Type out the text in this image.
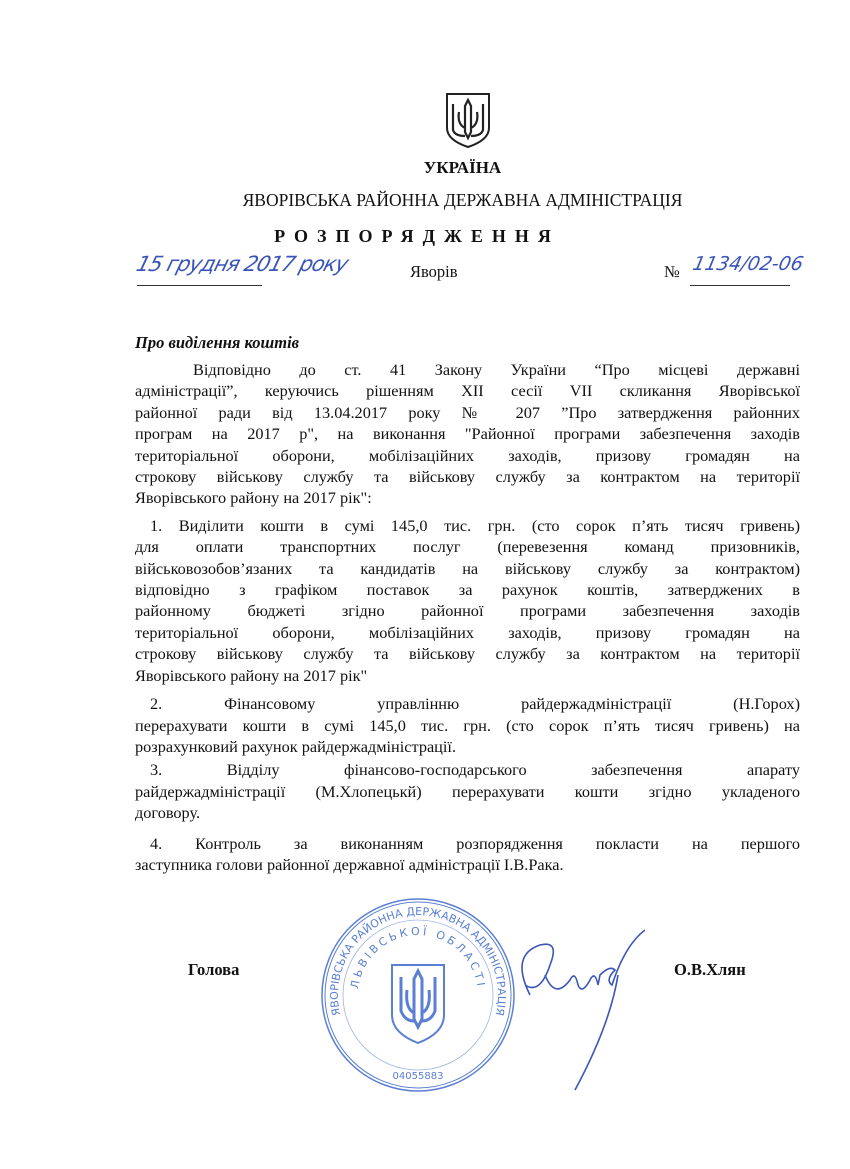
УКРАЇНА
ЯВОРІВСЬКА РАЙОННА ДЕРЖАВНА АДМІНІСТРАЦІЯ
РОЗПОРЯДЖЕННЯ
15 грудня 2017 року	Яворів	№ 1134/02-06
Про виділення коштів
Відповідно до ст. 41 Закону України “Про місцеві державні
адміністрації”, керуючись рішенням XII сесії VII скликання Яворівської
районної ради від 13.04.2017 року № 207 ”Про затвердження районних
програм на 2017 р", на виконання "Районної програми забезпечення заходів
територіальної оборони, мобілізаційних заходів, призову громадян на
строкову військову службу та військову службу за контрактом на території
Яворівського району на 2017 рік":
1. Виділити кошти в сумі 145,0 тис. грн. (сто сорок п’ять тисяч гривень)
для оплати транспортних послуг (перевезення команд призовників,
військовозобов’язаних та кандидатів на військову службу за контрактом)
відповідно з графіком поставок за рахунок коштів, затверджених в
районному бюджеті згідно районної програми забезпечення заходів
територіальної оборони, мобілізаційних заходів, призову громадян на
строкову військову службу та військову службу за контрактом на території
Яворівського району на 2017 рік"
2. Фінансовому управлінню райдержадміністрації (Н.Горох)
перерахувати кошти в сумі 145,0 тис. грн. (сто сорок п’ять тисяч гривень) на
розрахунковий рахунок райдержадміністрації.
3. Відділу фінансово-господарського забезпечення апарату
райдержадміністрації (М.Хлопецькй) перерахувати кошти згідно укладеного
договору.
4. Контроль за виконанням розпорядження покласти на першого
заступника голови районної державної адміністрації І.В.Рака.
Голова	О.В.Хлян
ЯВОРІВСЬКА РАЙОННА ДЕРЖАВНА АДМІНІСТРАЦІЯ
ЛЬВІВСЬКОЇ ОБЛАСТІ
04055883
